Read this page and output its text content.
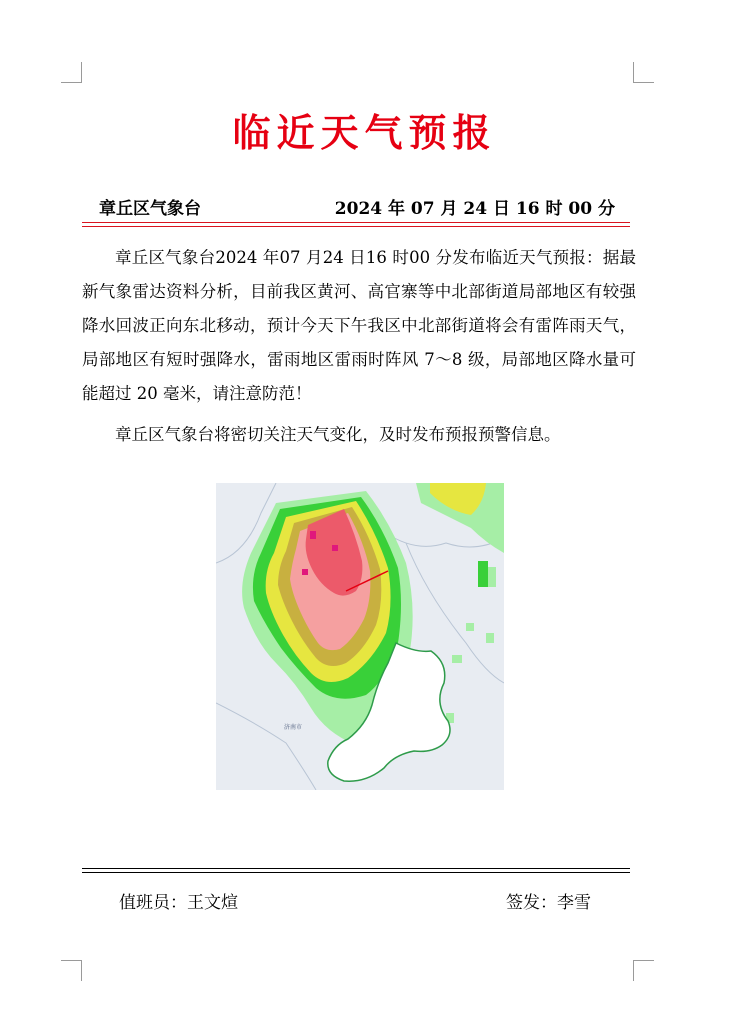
临近天气预报
章丘区气象台	2024 年 07 月 24 日 16 时 00 分
章丘区气象台2024 年07 月24 日16 时00 分发布临近天气预报：据最新气象雷达资料分析，目前我区黄河、高官寨等中北部街道局部地区有较强降水回波正向东北移动，预计今天下午我区中北部街道将会有雷阵雨天气，局部地区有短时强降水，雷雨地区雷雨时阵风 7～8 级，局部地区降水量可能超过 20 毫米，请注意防范！
章丘区气象台将密切关注天气变化，及时发布预报预警信息。
济南市
值班员：王文煊	签发：李雪
